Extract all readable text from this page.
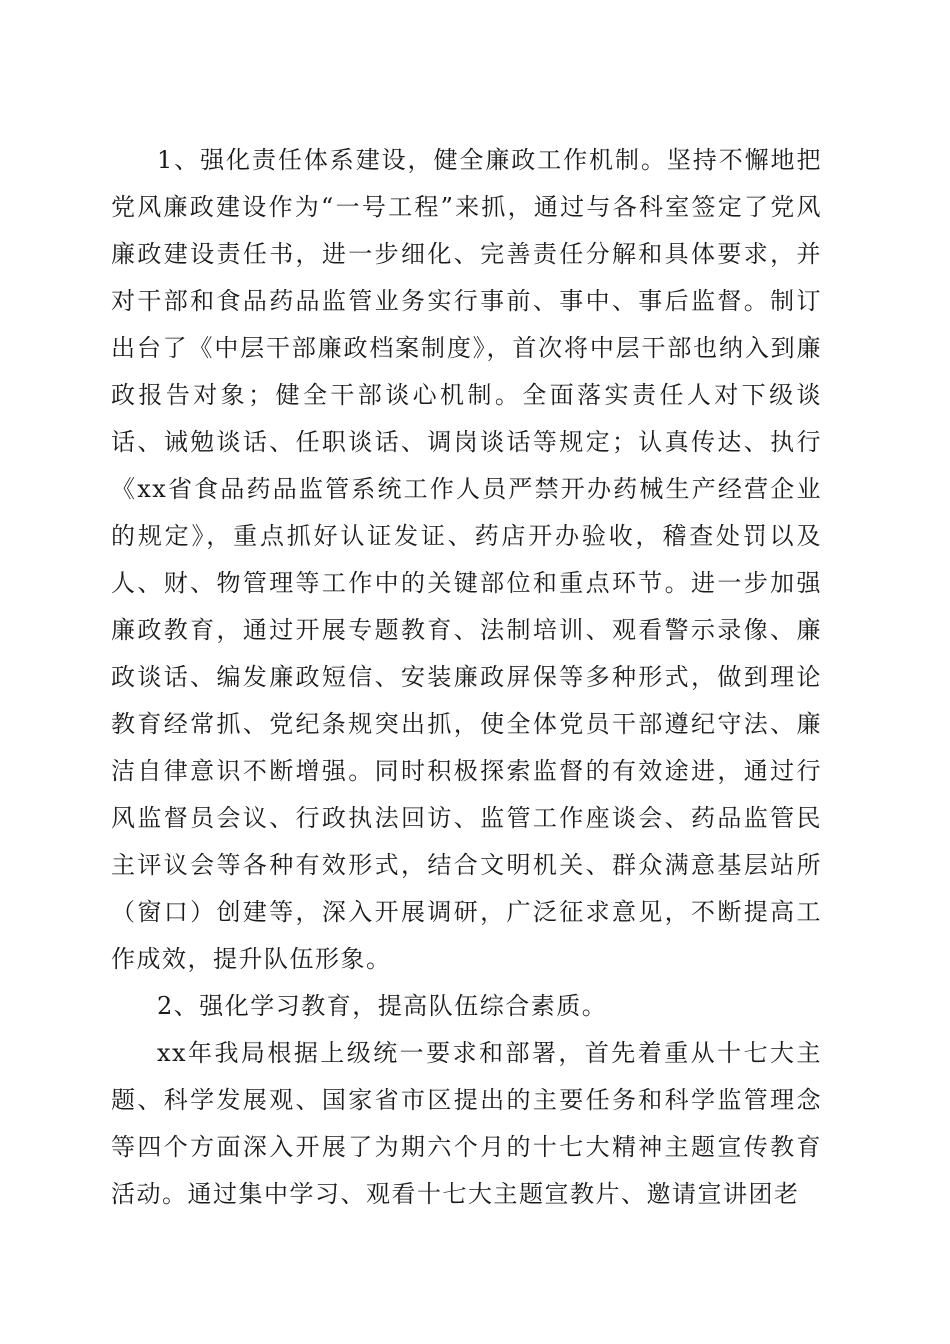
1、强化责任体系建设，健全廉政工作机制。坚持不懈地把党风廉政建设作为“一号工程”来抓，通过与各科室签定了党风廉政建设责任书，进一步细化、完善责任分解和具体要求，并对干部和食品药品监管业务实行事前、事中、事后监督。制订出台了《中层干部廉政档案制度》，首次将中层干部也纳入到廉政报告对象；健全干部谈心机制。全面落实责任人对下级谈话、诫勉谈话、任职谈话、调岗谈话等规定；认真传达、执行《xx省食品药品监管系统工作人员严禁开办药械生产经营企业的规定》，重点抓好认证发证、药店开办验收，稽查处罚以及人、财、物管理等工作中的关键部位和重点环节。进一步加强廉政教育，通过开展专题教育、法制培训、观看警示录像、廉政谈话、编发廉政短信、安装廉政屏保等多种形式，做到理论教育经常抓、党纪条规突出抓，使全体党员干部遵纪守法、廉洁自律意识不断增强。同时积极探索监督的有效途进，通过行风监督员会议、行政执法回访、监管工作座谈会、药品监管民主评议会等各种有效形式，结合文明机关、群众满意基层站所（窗口）创建等，深入开展调研，广泛征求意见，不断提高工作成效，提升队伍形象。

2、强化学习教育，提高队伍综合素质。

xx年我局根据上级统一要求和部署，首先着重从十七大主题、科学发展观、国家省市区提出的主要任务和科学监管理念等四个方面深入开展了为期六个月的十七大精神主题宣传教育活动。通过集中学习、观看十七大主题宣教片、邀请宣讲团老
